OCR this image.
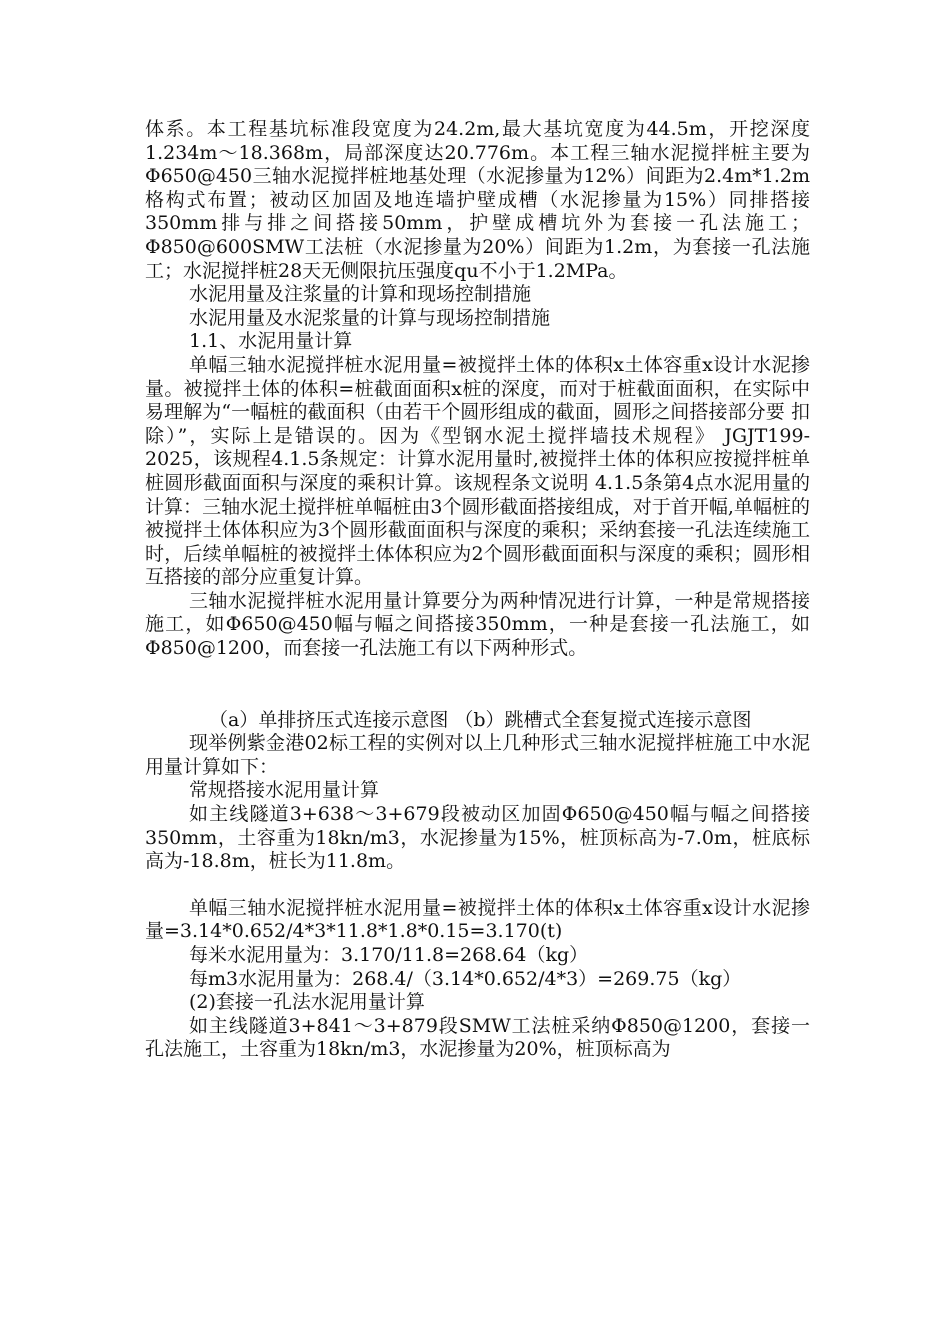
体系。本工程基坑标准段宽度为24.2m,最大基坑宽度为44.5m，开挖深度1.234m～18.368m，局部深度达20.776m。本工程三轴水泥搅拌桩主要为Φ650@450三轴水泥搅拌桩地基处理（水泥掺量为12%）间距为2.4m*1.2m格构式布置；被动区加固及地连墙护壁成槽（水泥掺量为15%）同排搭接350mm排与排之间搭接50mm，护壁成槽坑外为套接一孔法施工；Φ850@600SMW工法桩（水泥掺量为20%）间距为1.2m，为套接一孔法施工；水泥搅拌桩28天无侧限抗压强度qu不小于1.2MPa。

水泥用量及注浆量的计算和现场控制措施

水泥用量及水泥浆量的计算与现场控制措施

1.1、水泥用量计算

单幅三轴水泥搅拌桩水泥用量=被搅拌土体的体积x土体容重x设计水泥掺量。被搅拌土体的体积=桩截面面积x桩的深度，而对于桩截面面积，在实际中易理解为“一幅桩的截面积（由若干个圆形组成的截面，圆形之间搭接部分要 扣除）”，实际上是错误的。因为《型钢水泥土搅拌墙技术规程》 JGJT199-2025，该规程4.1.5条规定：计算水泥用量时,被搅拌土体的体积应按搅拌桩单桩圆形截面面积与深度的乘积计算。该规程条文说明 4.1.5条第4点水泥用量的计算：三轴水泥土搅拌桩单幅桩由3个圆形截面搭接组成，对于首开幅,单幅桩的被搅拌土体体积应为3个圆形截面面积与深度的乘积；采纳套接一孔法连续施工时，后续单幅桩的被搅拌土体体积应为2个圆形截面面积与深度的乘积；圆形相互搭接的部分应重复计算。

三轴水泥搅拌桩水泥用量计算要分为两种情况进行计算，一种是常规搭接施工，如Φ650@450幅与幅之间搭接350mm，一种是套接一孔法施工，如Φ850@1200，而套接一孔法施工有以下两种形式。

（a）单排挤压式连接示意图 （b）跳槽式全套复搅式连接示意图

现举例紫金港02标工程的实例对以上几种形式三轴水泥搅拌桩施工中水泥用量计算如下：

常规搭接水泥用量计算

如主线隧道3+638～3+679段被动区加固Φ650@450幅与幅之间搭接350mm，土容重为18kn/m3，水泥掺量为15%，桩顶标高为-7.0m，桩底标高为-18.8m，桩长为11.8m。

单幅三轴水泥搅拌桩水泥用量=被搅拌土体的体积x土体容重x设计水泥掺量=3.14*0.652/4*3*11.8*1.8*0.15=3.170(t)

每米水泥用量为：3.170/11.8=268.64（kg）

每m3水泥用量为：268.4/（3.14*0.652/4*3）=269.75（kg）

(2)套接一孔法水泥用量计算

如主线隧道3+841～3+879段SMW工法桩采纳Φ850@1200，套接一孔法施工，土容重为18kn/m3，水泥掺量为20%，桩顶标高为
